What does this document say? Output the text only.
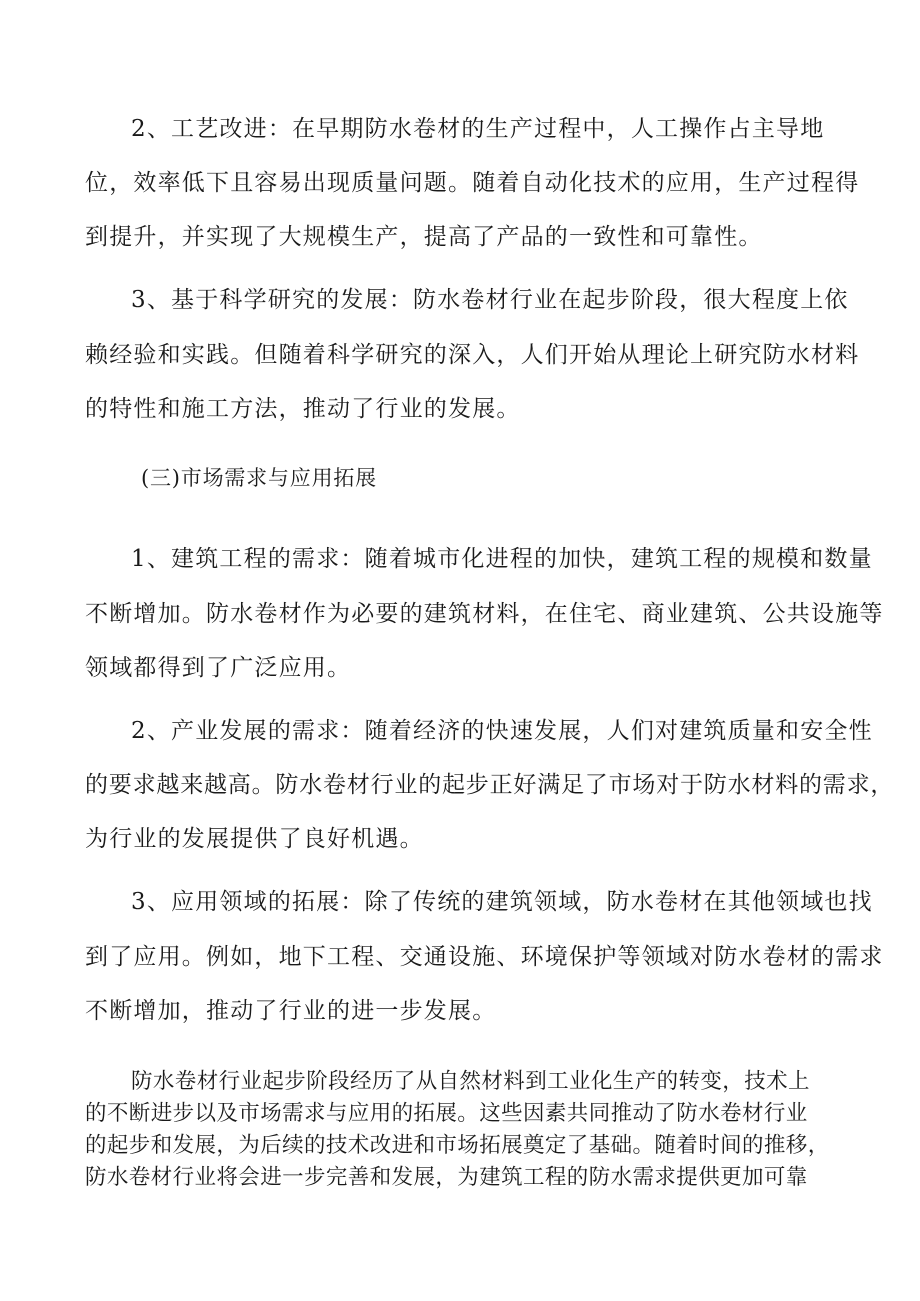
2、工艺改进：在早期防水卷材的生产过程中，人工操作占主导地
位，效率低下且容易出现质量问题。随着自动化技术的应用，生产过程得
到提升，并实现了大规模生产，提高了产品的一致性和可靠性。
3、基于科学研究的发展：防水卷材行业在起步阶段，很大程度上依
赖经验和实践。但随着科学研究的深入，人们开始从理论上研究防水材料
的特性和施工方法，推动了行业的发展。
(三)市场需求与应用拓展
1、建筑工程的需求：随着城市化进程的加快，建筑工程的规模和数量
不断增加。防水卷材作为必要的建筑材料，在住宅、商业建筑、公共设施等
领域都得到了广泛应用。
2、产业发展的需求：随着经济的快速发展，人们对建筑质量和安全性
的要求越来越高。防水卷材行业的起步正好满足了市场对于防水材料的需求，
为行业的发展提供了良好机遇。
3、应用领域的拓展：除了传统的建筑领域，防水卷材在其他领域也找
到了应用。例如，地下工程、交通设施、环境保护等领域对防水卷材的需求
不断增加，推动了行业的进一步发展。
防水卷材行业起步阶段经历了从自然材料到工业化生产的转变，技术上
的不断进步以及市场需求与应用的拓展。这些因素共同推动了防水卷材行业
的起步和发展，为后续的技术改进和市场拓展奠定了基础。随着时间的推移，
防水卷材行业将会进一步完善和发展，为建筑工程的防水需求提供更加可靠
